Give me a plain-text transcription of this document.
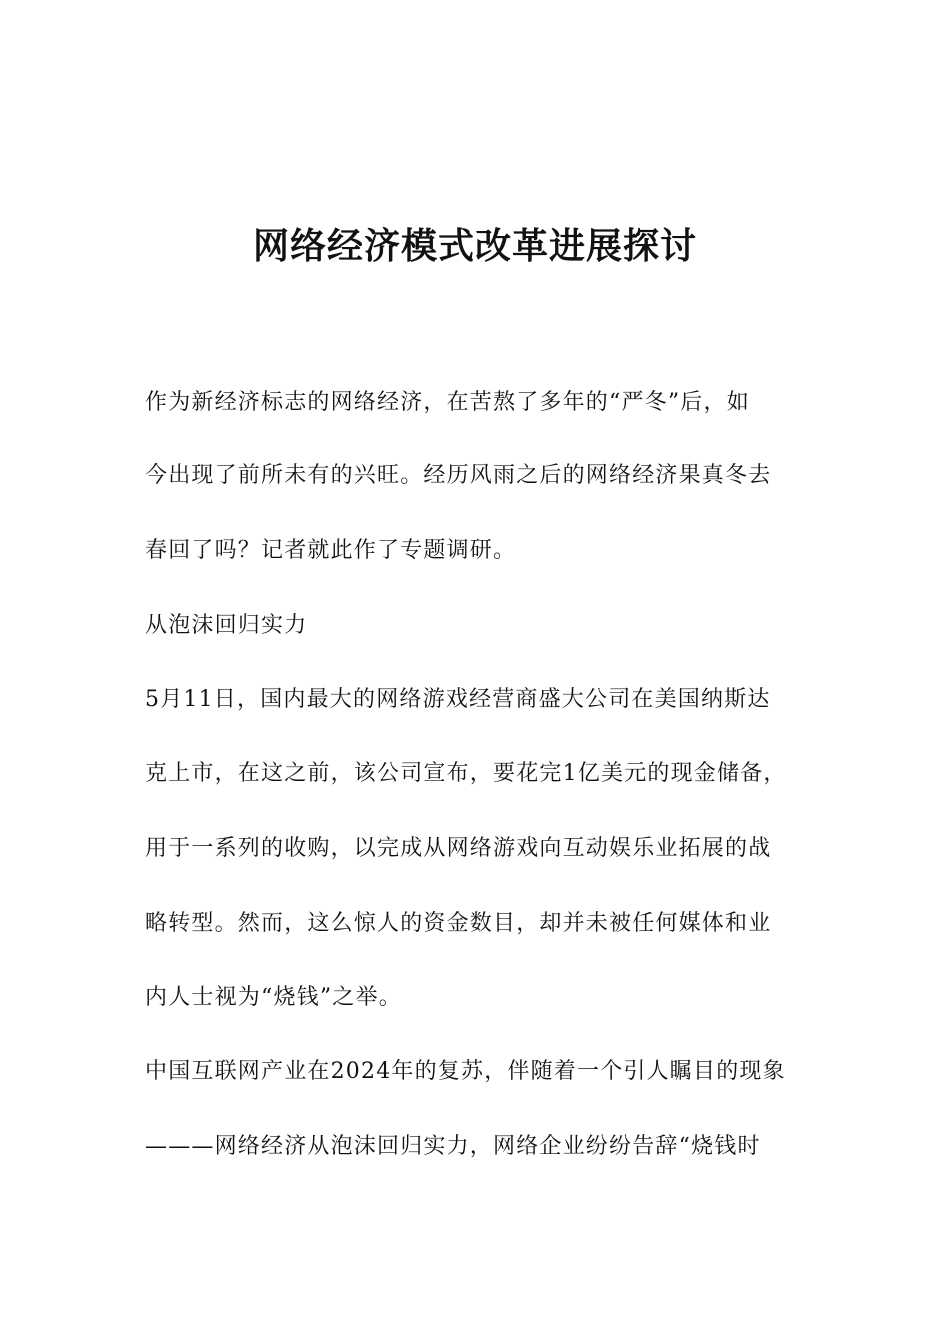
网络经济模式改革进展探讨

作为新经济标志的网络经济，在苦熬了多年的“严冬”后，如

今出现了前所未有的兴旺。经历风雨之后的网络经济果真冬去

春回了吗？记者就此作了专题调研。

从泡沫回归实力

5月11日，国内最大的网络游戏经营商盛大公司在美国纳斯达

克上市，在这之前，该公司宣布，要花完1亿美元的现金储备，

用于一系列的收购，以完成从网络游戏向互动娱乐业拓展的战

略转型。然而，这么惊人的资金数目，却并未被任何媒体和业

内人士视为“烧钱”之举。

中国互联网产业在2024年的复苏，伴随着一个引人瞩目的现象

———网络经济从泡沫回归实力，网络企业纷纷告辞“烧钱时
